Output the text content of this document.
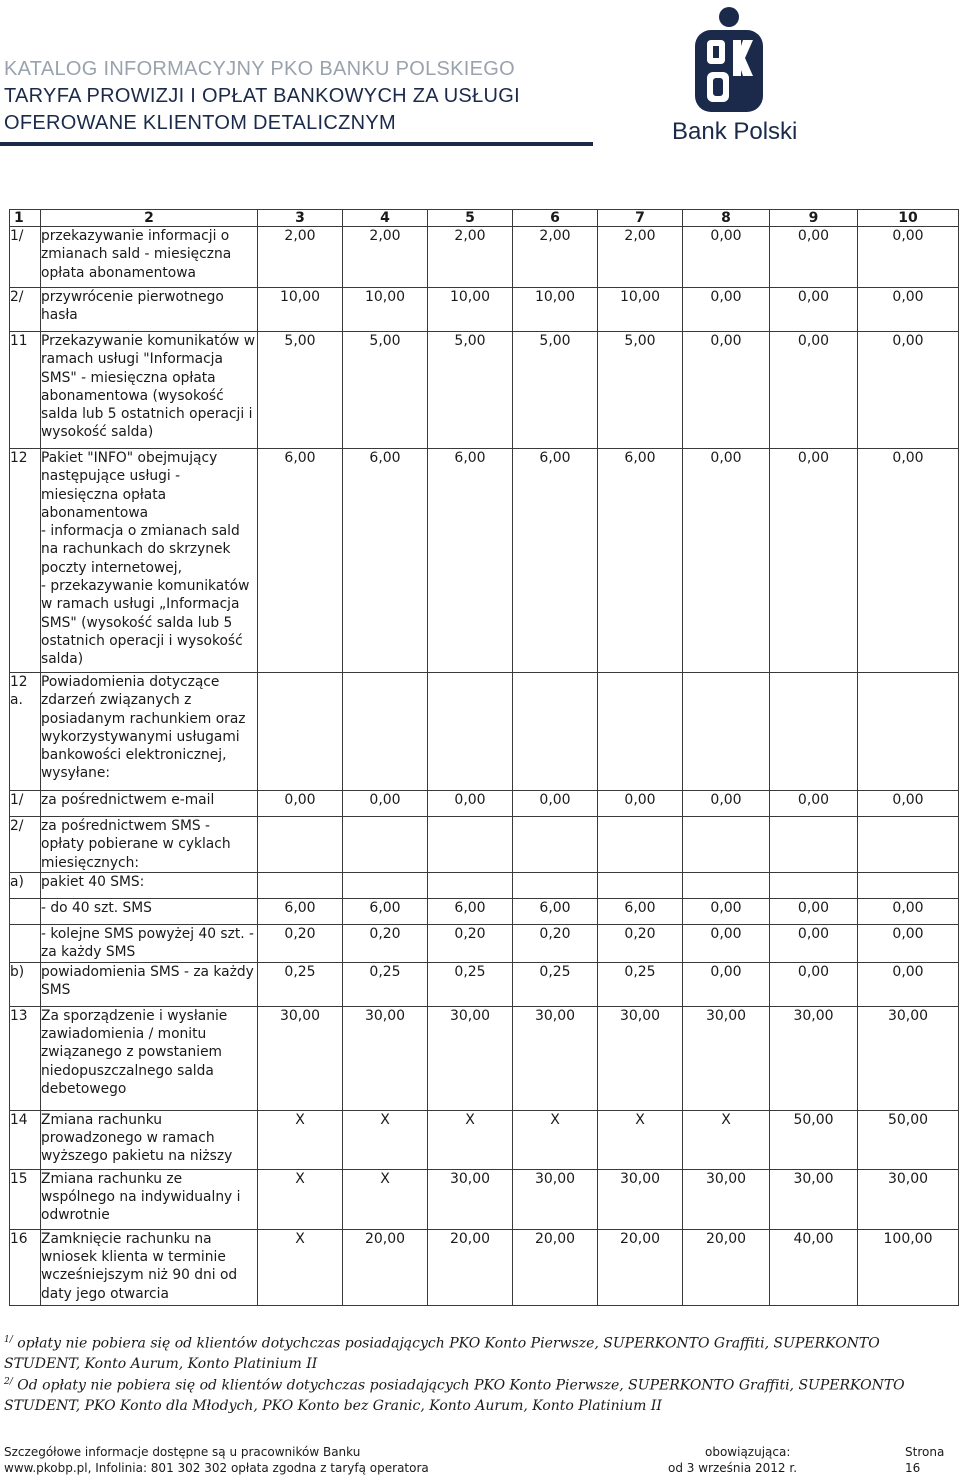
KATALOG INFORMACYJNY PKO BANKU POLSKIEGO
TARYFA PROWIZJI I OPŁAT BANKOWYCH ZA USŁUGI
OFEROWANE KLIENTOM DETALICZNYM	Bank Polski
1	2	3	4	5	6	7	8	9	10
1/	przekazywanie informacji o zmianach sald - miesięczna opłata abonamentowa	2,00	2,00	2,00	2,00	2,00	0,00	0,00	0,00
2/	przywrócenie pierwotnego hasła	10,00	10,00	10,00	10,00	10,00	0,00	0,00	0,00
11	Przekazywanie komunikatów w ramach usługi "Informacja SMS" - miesięczna opłata abonamentowa (wysokość salda lub 5 ostatnich operacji i wysokość salda)	5,00	5,00	5,00	5,00	5,00	0,00	0,00	0,00
12	Pakiet "INFO" obejmujący następujące usługi - miesięczna opłata abonamentowa
- informacja o zmianach sald na rachunkach do skrzynek poczty internetowej,
- przekazywanie komunikatów w ramach usługi „Informacja SMS" (wysokość salda lub 5 ostatnich operacji i wysokość salda)	6,00	6,00	6,00	6,00	6,00	0,00	0,00	0,00
12 a.	Powiadomienia dotyczące zdarzeń związanych z posiadanym rachunkiem oraz wykorzystywanymi usługami bankowości elektronicznej, wysyłane:								
1/	za pośrednictwem e-mail	0,00	0,00	0,00	0,00	0,00	0,00	0,00	0,00
2/	za pośrednictwem SMS - opłaty pobierane w cyklach miesięcznych:								
a)	pakiet 40 SMS:								
	- do 40 szt. SMS	6,00	6,00	6,00	6,00	6,00	0,00	0,00	0,00
	- kolejne SMS powyżej 40 szt. - za każdy SMS	0,20	0,20	0,20	0,20	0,20	0,00	0,00	0,00
b)	powiadomienia SMS - za każdy SMS	0,25	0,25	0,25	0,25	0,25	0,00	0,00	0,00
13	Za sporządzenie i wysłanie zawiadomienia / monitu związanego z powstaniem niedopuszczalnego salda debetowego	30,00	30,00	30,00	30,00	30,00	30,00	30,00	30,00
14	Zmiana rachunku prowadzonego w ramach wyższego pakietu na niższy	X	X	X	X	X	X	50,00	50,00
15	Zmiana rachunku ze wspólnego na indywidualny i odwrotnie	X	X	30,00	30,00	30,00	30,00	30,00	30,00
16	Zamknięcie rachunku na wniosek klienta w terminie wcześniejszym niż 90 dni od daty jego otwarcia	X	20,00	20,00	20,00	20,00	20,00	40,00	100,00
$^{1/}$ opłaty nie pobiera się od klientów dotychczas posiadających PKO Konto Pierwsze, SUPERKONTO Graffiti, SUPERKONTO STUDENT, Konto Aurum, Konto Platinium II
$^{2/}$ Od opłaty nie pobiera się od klientów dotychczas posiadających PKO Konto Pierwsze, SUPERKONTO Graffiti, SUPERKONTO STUDENT, PKO Konto dla Młodych, PKO Konto bez Granic, Konto Aurum, Konto Platinium II
Szczegółowe informacje dostępne są u pracowników Banku
www.pkobp.pl, Infolinia: 801 302 302 opłata zgodna z taryfą operatora
obowiązująca:
od 3 września 2012 r.
Strona 16
